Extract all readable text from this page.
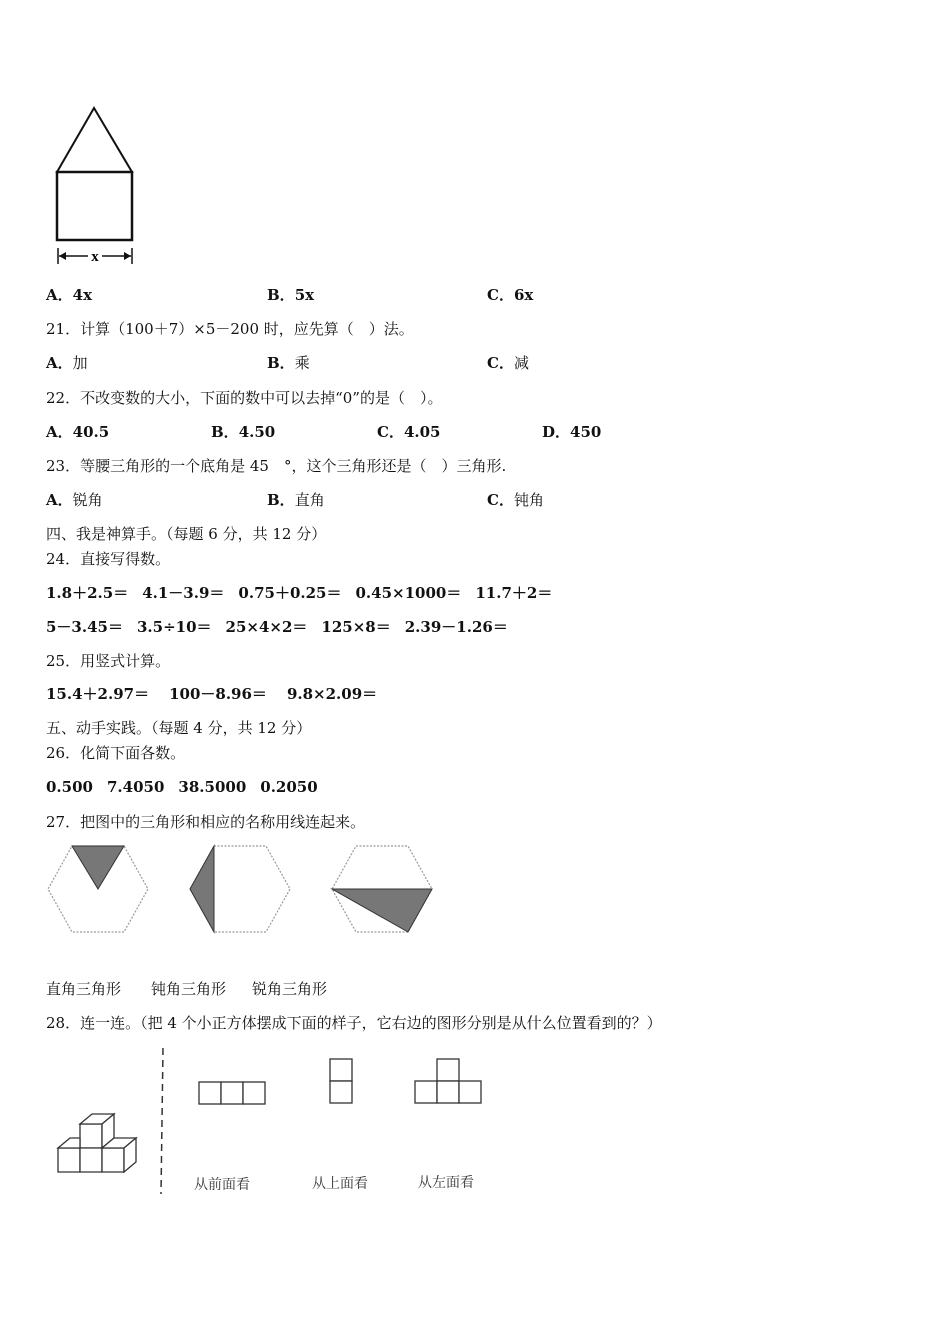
x
A．4x	B．5x	C．6x
21．计算（100＋7）×5－200 时，应先算（　）法。
A．加	B．乘	C．减
22．不改变数的大小，下面的数中可以去掉“0”的是（　）。
A．40.5	B．4.50	C．4.05	D．450
23．等腰三角形的一个底角是 45　°，这个三角形还是（　）三角形.
A．锐角	B．直角	C．钝角
四、我是神算手。（每题 6 分，共 12 分）
24．直接写得数。
1.8＋2.5＝ 4.1－3.9＝ 0.75＋0.25＝ 0.45×1000＝ 11.7＋2＝
5－3.45＝ 3.5÷10＝ 25×4×2＝ 125×8＝ 2.39－1.26＝
25．用竖式计算。
15.4＋2.97＝ 100－8.96＝ 9.8×2.09＝
五、动手实践。（每题 4 分，共 12 分）
26．化简下面各数。
0.500 7.4050 38.5000 0.2050
27．把图中的三角形和相应的名称用线连起来。
直角三角形 钝角三角形 锐角三角形
28．连一连。（把 4 个小正方体摆成下面的样子，它右边的图形分别是从什么位置看到的？）
从前面看	从上面看	从左面看
